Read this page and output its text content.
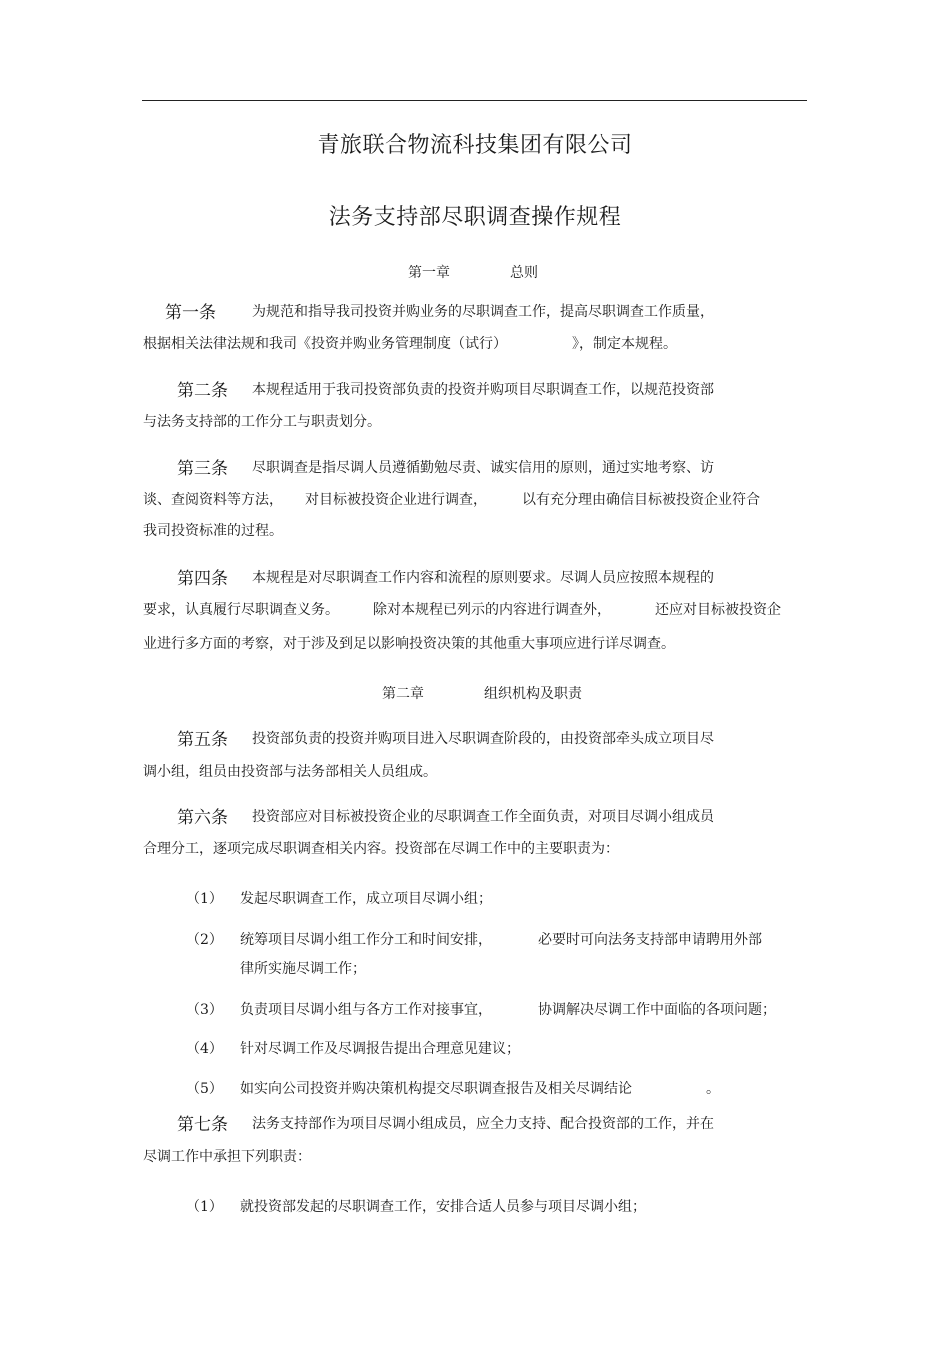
青旅联合物流科技集团有限公司
法务支持部尽职调查操作规程
第一章	总则
第一条	为规范和指导我司投资并购业务的尽职调查工作，提高尽职调查工作质量，
根据相关法律法规和我司《投资并购业务管理制度（试行）	》，制定本规程。
第二条 本规程适用于我司投资部负责的投资并购项目尽职调查工作，以规范投资部
与法务支持部的工作分工与职责划分。
第三条 尽职调查是指尽调人员遵循勤勉尽责、诚实信用的原则，通过实地考察、访
谈、查阅资料等方法， 对目标被投资企业进行调查，	以有充分理由确信目标被投资企业符合
我司投资标准的过程。
第四条 本规程是对尽职调查工作内容和流程的原则要求。尽调人员应按照本规程的
要求，认真履行尽职调查义务。 除对本规程已列示的内容进行调查外，	还应对目标被投资企
业进行多方面的考察，对于涉及到足以影响投资决策的其他重大事项应进行详尽调查。
第二章	组织机构及职责
第五条 投资部负责的投资并购项目进入尽职调查阶段的，由投资部牵头成立项目尽
调小组，组员由投资部与法务部相关人员组成。
第六条 投资部应对目标被投资企业的尽职调查工作全面负责，对项目尽调小组成员
合理分工，逐项完成尽职调查相关内容。投资部在尽调工作中的主要职责为：
（1） 发起尽职调查工作，成立项目尽调小组；
（2） 统筹项目尽调小组工作分工和时间安排，	必要时可向法务支持部申请聘用外部
律所实施尽调工作；
（3） 负责项目尽调小组与各方工作对接事宜，	协调解决尽调工作中面临的各项问题；
（4） 针对尽调工作及尽调报告提出合理意见建议；
（5） 如实向公司投资并购决策机构提交尽职调查报告及相关尽调结论	。
第七条 法务支持部作为项目尽调小组成员，应全力支持、配合投资部的工作，并在
尽调工作中承担下列职责：
（1） 就投资部发起的尽职调查工作，安排合适人员参与项目尽调小组；
